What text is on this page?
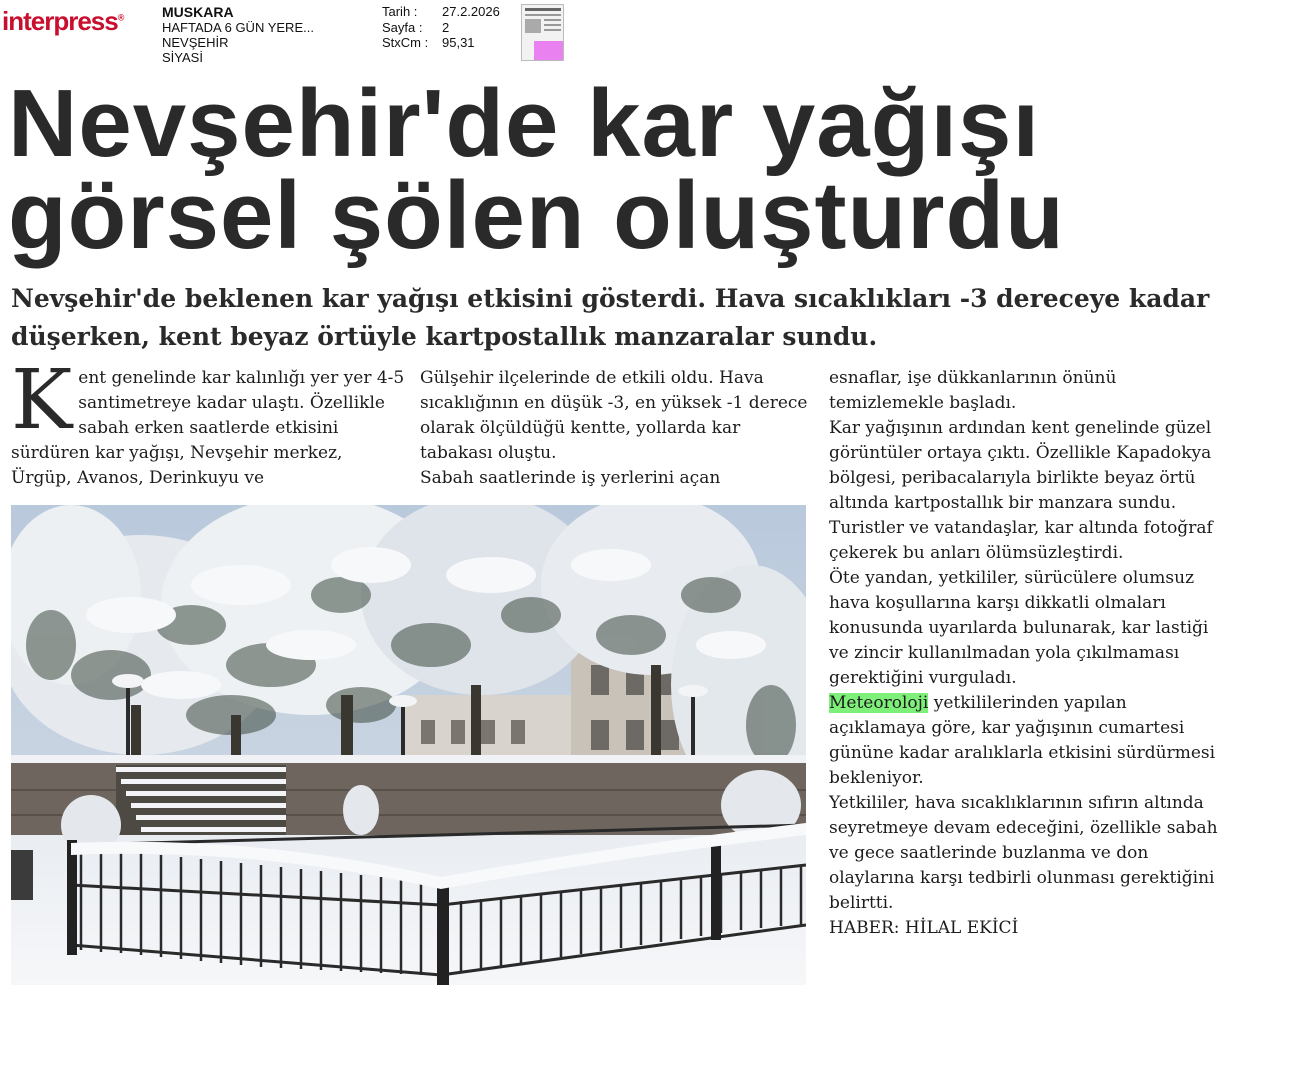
interpress®	MUSKARA
HAFTADA 6 GÜN YERE...
NEVŞEHİR
SİYASİ
Tarih :	27.2.2026
Sayfa :	2
StxCm :	95,31
Nevşehir'de kar yağışı
görsel şölen oluşturdu

Nevşehir'de beklenen kar yağışı etkisini gösterdi. Hava sıcaklıkları -3 dereceye kadar düşerken, kent beyaz örtüyle kartpostallık manzaralar sundu.

Kent genelinde kar kalınlığı yer yer 4-5 santimetreye kadar ulaştı. Özellikle sabah erken saatlerde etkisini sürdüren kar yağışı, Nevşehir merkez, Ürgüp, Avanos, Derinkuyu ve

Gülşehir ilçelerinde de etkili oldu. Hava sıcaklığının en düşük -3, en yüksek -1 derece olarak ölçüldüğü kentte, yollarda kar tabakası oluştu.

Sabah saatlerinde iş yerlerini açan

esnaflar, işe dükkanlarının önünü temizlemekle başladı.

Kar yağışının ardından kent genelinde güzel görüntüler ortaya çıktı. Özellikle Kapadokya bölgesi, peribacalarıyla birlikte beyaz örtü altında kartpostallık bir manzara sundu. Turistler ve vatandaşlar, kar altında fotoğraf çekerek bu anları ölümsüzleştirdi.

Öte yandan, yetkililer, sürücülere olumsuz hava koşullarına karşı dikkatli olmaları konusunda uyarılarda bulunarak, kar lastiği ve zincir kullanılmadan yola çıkılmaması gerektiğini vurguladı.

Meteoroloji yetkililerinden yapılan açıklamaya göre, kar yağışının cumartesi gününe kadar aralıklarla etkisini sürdürmesi bekleniyor.

Yetkililer, hava sıcaklıklarının sıfırın altında seyretmeye devam edeceğini, özellikle sabah ve gece saatlerinde buzlanma ve don olaylarına karşı tedbirli olunması gerektiğini belirtti.

HABER: HİLAL EKİCİ
